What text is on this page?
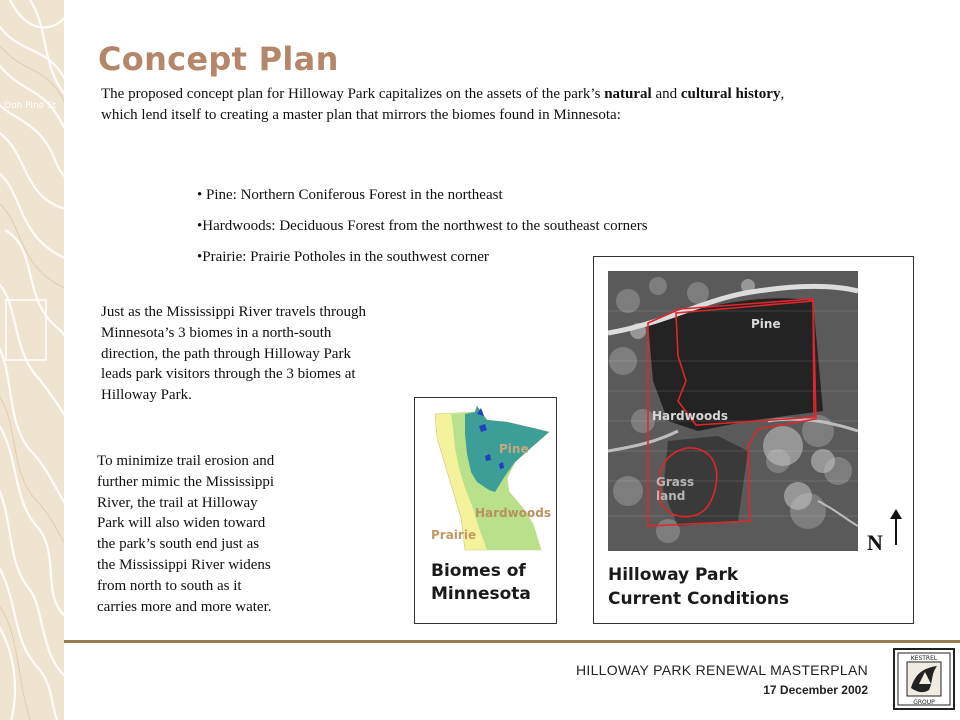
Ooh Pine St
Concept Plan

The proposed concept plan for Hilloway Park capitalizes on the assets of the park’s natural and cultural history, which lend itself to creating a master plan that mirrors the biomes found in Minnesota:

• Pine: Northern Coniferous Forest in the northeast
•Hardwoods: Deciduous Forest from the northwest to the southeast corners
•Prairie: Prairie Potholes in the southwest corner

Just as the Mississippi River travels through Minnesota’s 3 biomes in a north-south direction, the path through Hilloway Park leads park visitors through the 3 biomes at Hilloway Park.

To minimize trail erosion and
further mimic the Mississippi
River, the trail at Hilloway
Park will also widen toward
the park’s south end just as
the Mississippi River widens
from north to south as it
carries more and more water.

Pine
Hardwoods
Prairie

Biomes of
Minnesota

Pine
Hardwoods
Grass
land

Hilloway Park
Current Conditions

N
HILLOWAY PARK RENEWAL MASTERPLAN
17 December 2002
KESTREL
GROUP
